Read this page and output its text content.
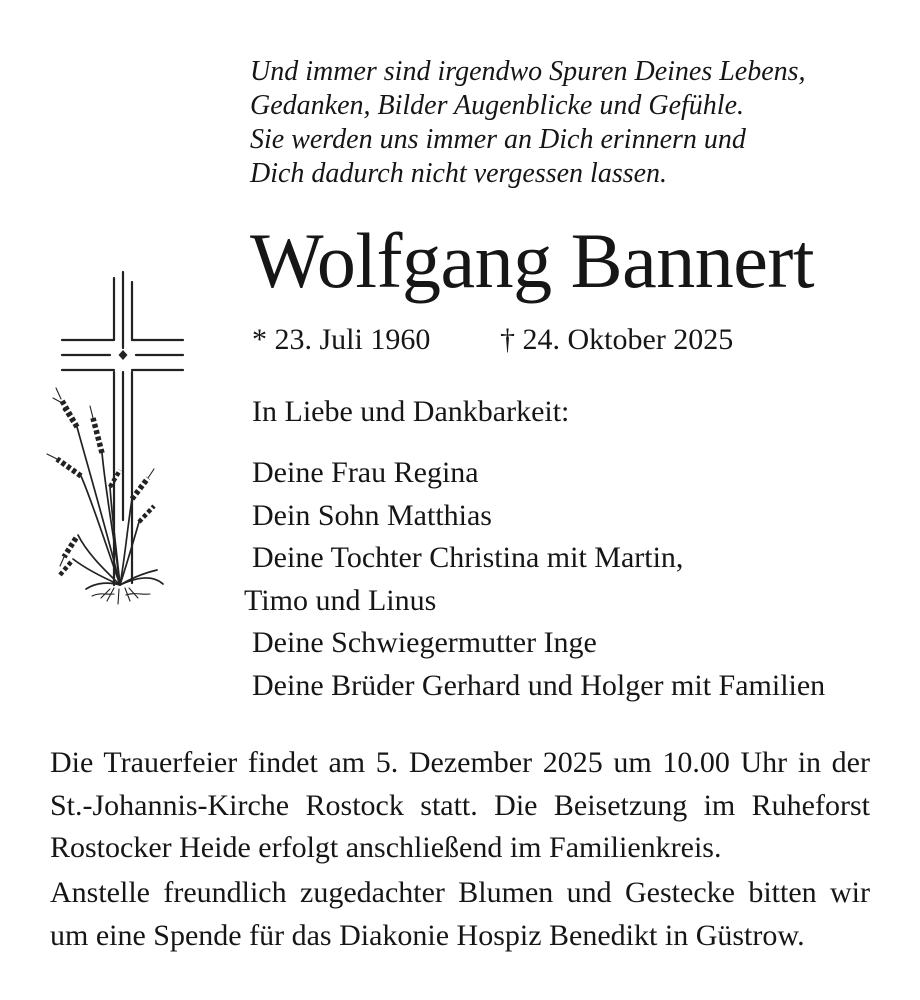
Und immer sind irgendwo Spuren Deines Lebens,
Gedanken, Bilder Augenblicke und Gefühle.
Sie werden uns immer an Dich erinnern und
Dich dadurch nicht vergessen lassen.
Wolfgang Bannert
* 23. Juli 1960 † 24. Oktober 2025
In Liebe und Dankbarkeit:
Deine Frau Regina
Dein Sohn Matthias
Deine Tochter Christina mit Martin,
Timo und Linus
Deine Schwiegermutter Inge
Deine Brüder Gerhard und Holger mit Familien
Die Trauerfeier findet am 5. Dezember 2025 um 10.00 Uhr in der
St.-Johannis-Kirche Rostock statt. Die Beisetzung im Ruheforst
Rostocker Heide erfolgt anschließend im Familienkreis.
Anstelle freundlich zugedachter Blumen und Gestecke bitten wir
um eine Spende für das Diakonie Hospiz Benedikt in Güstrow.
